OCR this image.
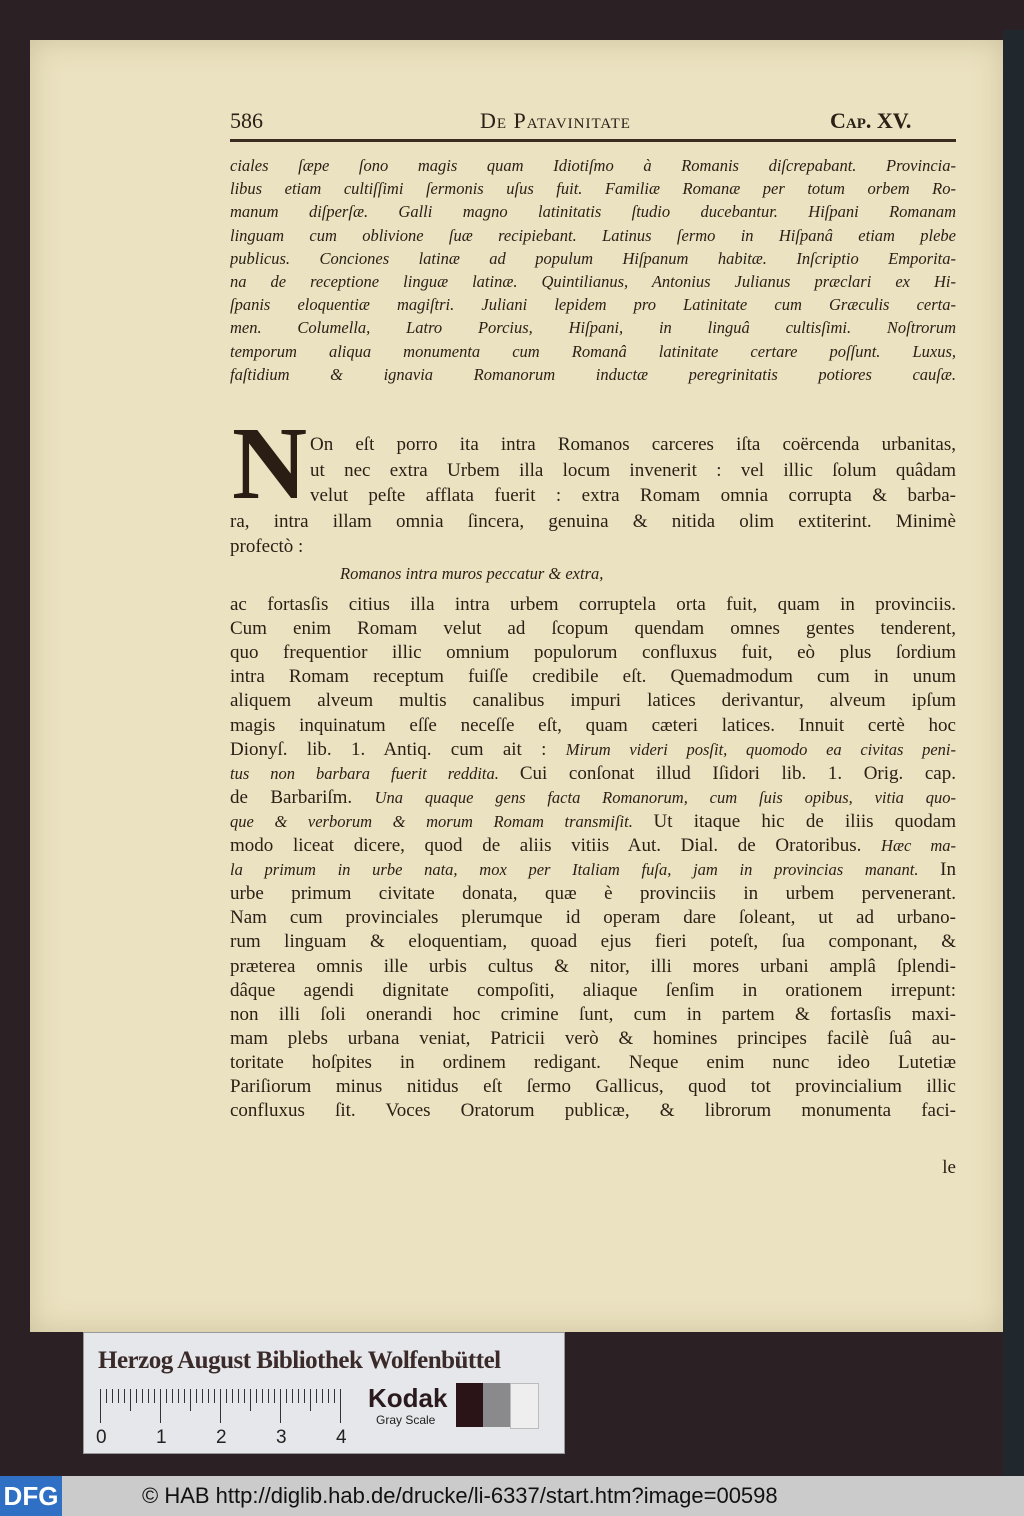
586	De Patavinitate	Cap. XV.
ciales ſæpe ſono magis quam Idiotiſmo à Romanis diſcrepabant. Provincia-
libus etiam cultiſſimi ſermonis uſus fuit. Familiæ Romanæ per totum orbem Ro-
manum diſperſæ. Galli magno latinitatis ſtudio ducebantur. Hiſpani Romanam
linguam cum oblivione ſuæ recipiebant. Latinus ſermo in Hiſpanâ etiam plebe
publicus. Conciones latinæ ad populum Hiſpanum habitæ. Inſcriptio Emporita-
na de receptione linguæ latinæ. Quintilianus, Antonius Julianus præclari ex Hi-
ſpanis eloquentiæ magiſtri. Juliani lepidem pro Latinitate cum Græculis certa-
men. Columella, Latro Porcius, Hiſpani, in linguâ cultisſimi. Noſtrorum
temporum aliqua monumenta cum Romanâ latinitate certare poſſunt. Luxus,
faſtidium & ignavia Romanorum inductæ peregrinitatis potiores cauſæ.
N On eſt porro ita intra Romanos carceres iſta coërcenda urbanitas,
ut nec extra Urbem illa locum invenerit : vel illic ſolum quâdam
velut peſte afflata fuerit : extra Romam omnia corrupta & barba-
ra, intra illam omnia ſincera, genuina & nitida olim extiterint. Minimè
profectò :
Romanos intra muros peccatur & extra,
ac fortasſis citius illa intra urbem corruptela orta fuit, quam in provinciis.
Cum enim Romam velut ad ſcopum quendam omnes gentes tenderent,
quo frequentior illic omnium populorum confluxus fuit, eò plus ſordium
intra Romam receptum fuiſſe credibile eſt. Quemadmodum cum in unum
aliquem alveum multis canalibus impuri latices derivantur, alveum ipſum
magis inquinatum eſſe neceſſe eſt, quam cæteri latices. Innuit certè hoc
Dionyſ. lib. 1. Antiq. cum ait : Mirum videri posſit, quomodo ea civitas peni-
tus non barbara fuerit reddita. Cui conſonat illud Iſidori lib. 1. Orig. cap.
de Barbariſm. Una quaque gens facta Romanorum, cum ſuis opibus, vitia quo-
que & verborum & morum Romam transmiſit. Ut itaque hic de iliis quodam
modo liceat dicere, quod de aliis vitiis Aut. Dial. de Oratoribus. Hæc ma-
la primum in urbe nata, mox per Italiam fuſa, jam in provincias manant. In
urbe primum civitate donata, quæ è provinciis in urbem pervenerant.
Nam cum provinciales plerumque id operam dare ſoleant, ut ad urbano-
rum linguam & eloquentiam, quoad ejus fieri poteſt, ſua componant, &
præterea omnis ille urbis cultus & nitor, illi mores urbani amplâ ſplendi-
dâque agendi dignitate compoſiti, aliaque ſenſim in orationem irrepunt:
non illi ſoli onerandi hoc crimine ſunt, cum in partem & fortasſis maxi-
mam plebs urbana veniat, Patricii verò & homines principes facilè ſuâ au-
toritate hoſpites in ordinem redigant. Neque enim nunc ideo Lutetiæ
Pariſiorum minus nitidus eſt ſermo Gallicus, quod tot provincialium illic
confluxus ſit. Voces Oratorum publicæ, & librorum monumenta faci-
le
Herzog August Bibliothek Wolfenbüttel
0	1	2	3	4
Kodak
Gray Scale
DFG	© HAB http://diglib.hab.de/drucke/li-6337/start.htm?image=00598
